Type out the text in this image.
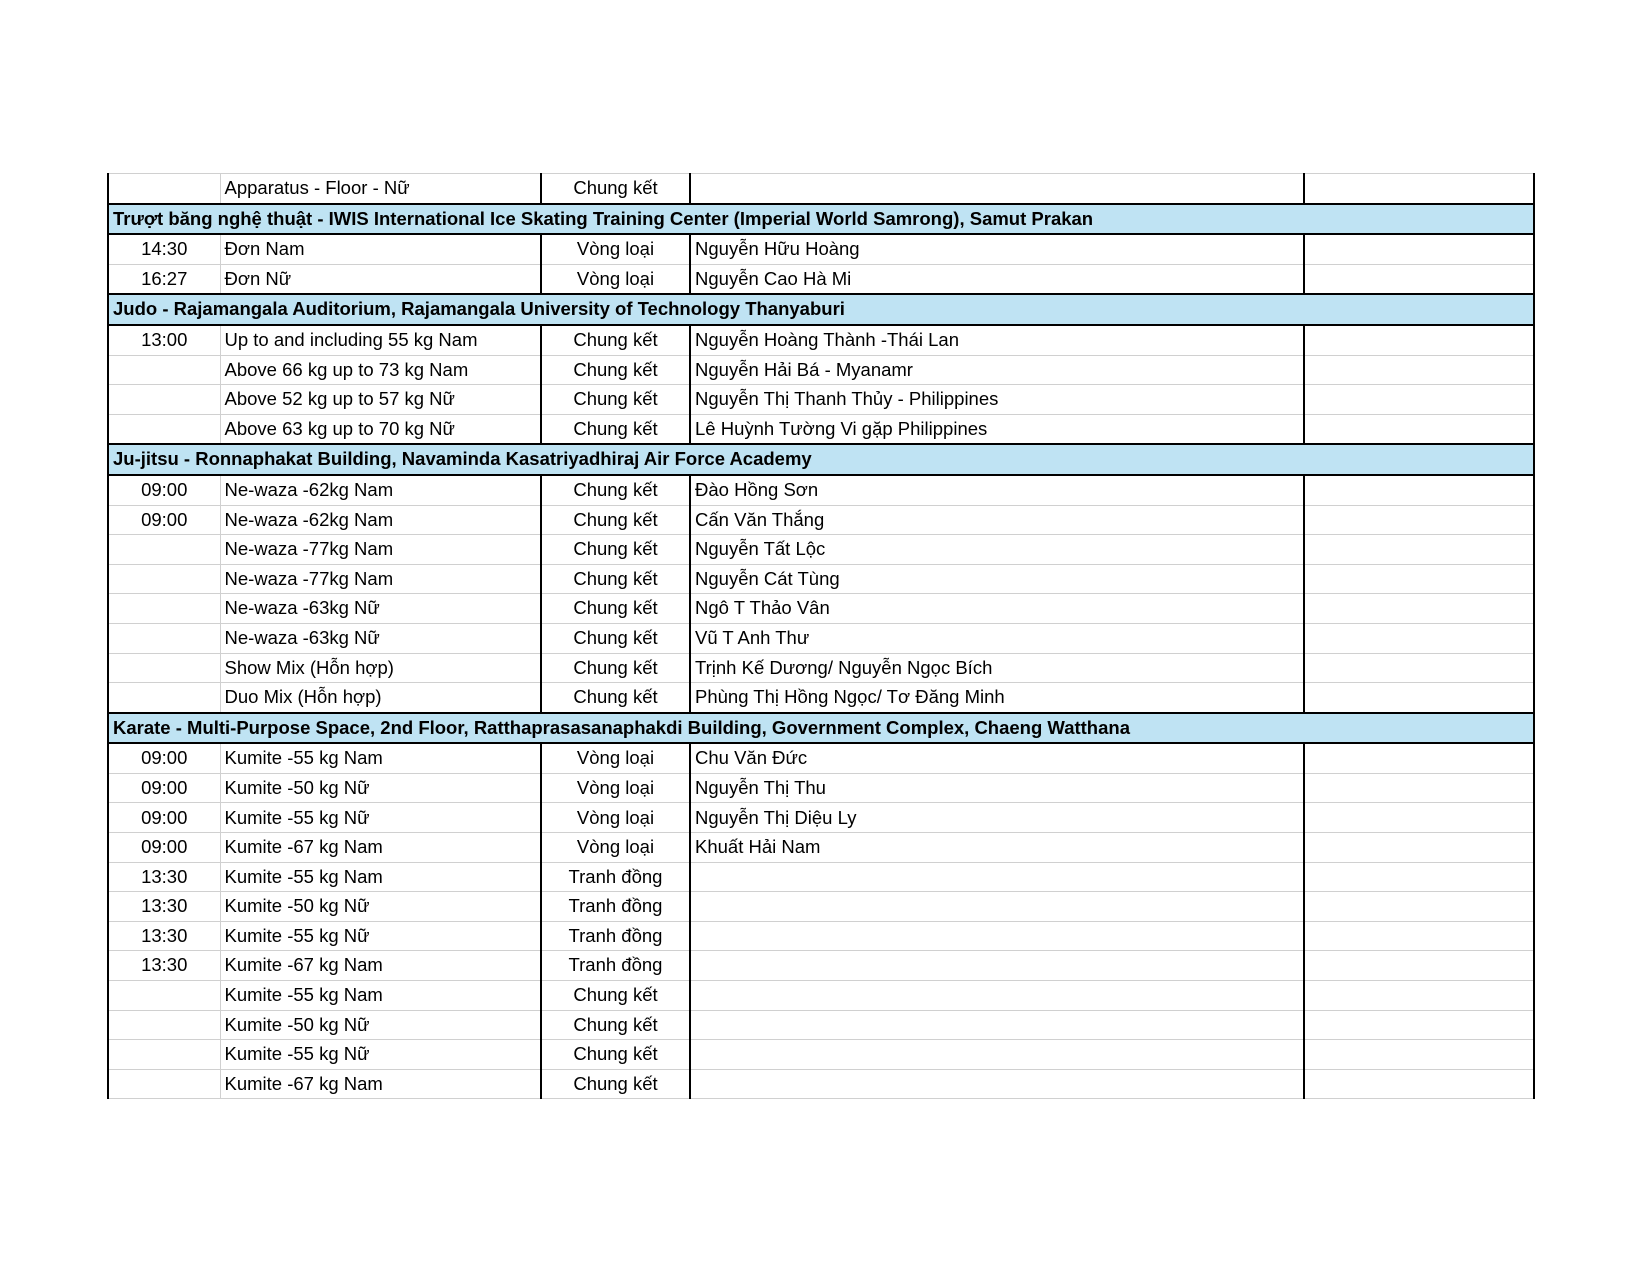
	Apparatus - Floor - Nữ	Chung kết		
Trượt băng nghệ thuật - IWIS International Ice Skating Training Center (Imperial World Samrong), Samut Prakan				
14:30	Đơn Nam	Vòng loại	Nguyễn Hữu Hoàng	
16:27	Đơn Nữ	Vòng loại	Nguyễn Cao Hà Mi	
Judo - Rajamangala Auditorium, Rajamangala University of Technology Thanyaburi				
13:00	Up to and including 55 kg Nam	Chung kết	Nguyễn Hoàng Thành -Thái Lan	
	Above 66 kg up to 73 kg Nam	Chung kết	Nguyễn Hải Bá - Myanamr	
	Above 52 kg up to 57 kg Nữ	Chung kết	Nguyễn Thị Thanh Thủy - Philippines	
	Above 63 kg up to 70 kg Nữ	Chung kết	Lê Huỳnh Tường Vi gặp Philippines	
Ju-jitsu - Ronnaphakat Building, Navaminda Kasatriyadhiraj Air Force Academy				
09:00	Ne-waza -62kg Nam	Chung kết	Đào Hồng Sơn	
09:00	Ne-waza -62kg Nam	Chung kết	Cấn Văn Thắng	
	Ne-waza -77kg Nam	Chung kết	Nguyễn Tất Lộc	
	Ne-waza -77kg Nam	Chung kết	Nguyễn Cát Tùng	
	Ne-waza -63kg Nữ	Chung kết	Ngô T Thảo Vân	
	Ne-waza -63kg Nữ	Chung kết	Vũ T Anh Thư	
	Show Mix (Hỗn hợp)	Chung kết	Trịnh Kế Dương/ Nguyễn Ngọc Bích	
	Duo Mix (Hỗn hợp)	Chung kết	Phùng Thị Hồng Ngọc/ Tơ Đăng Minh	
Karate - Multi-Purpose Space, 2nd Floor, Ratthaprasasanaphakdi Building, Government Complex, Chaeng Watthana				
09:00	Kumite -55 kg Nam	Vòng loại	Chu Văn Đức	
09:00	Kumite -50 kg Nữ	Vòng loại	Nguyễn Thị Thu	
09:00	Kumite -55 kg Nữ	Vòng loại	Nguyễn Thị Diệu Ly	
09:00	Kumite -67 kg Nam	Vòng loại	Khuất Hải Nam	
13:30	Kumite -55 kg Nam	Tranh đồng		
13:30	Kumite -50 kg Nữ	Tranh đồng		
13:30	Kumite -55 kg Nữ	Tranh đồng		
13:30	Kumite -67 kg Nam	Tranh đồng		
	Kumite -55 kg Nam	Chung kết		
	Kumite -50 kg Nữ	Chung kết		
	Kumite -55 kg Nữ	Chung kết		
	Kumite -67 kg Nam	Chung kết		
